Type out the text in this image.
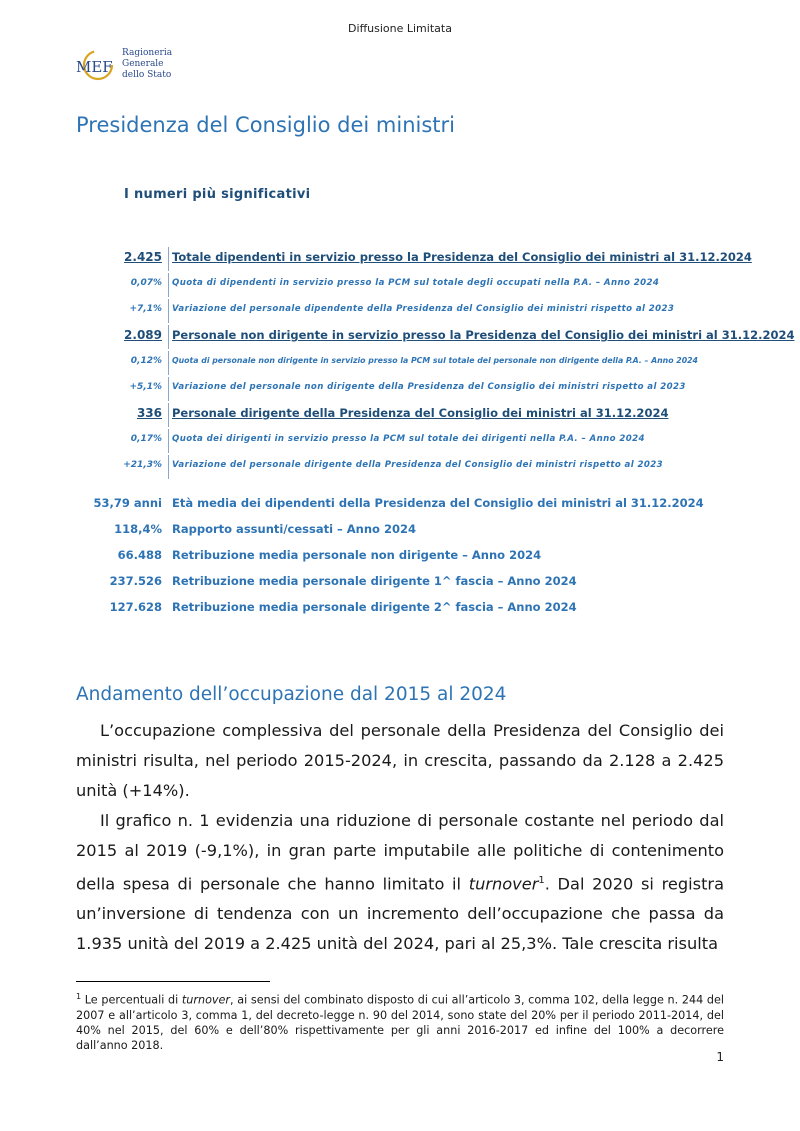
Diffusione Limitata
MEF
Ragioneria
Generale
dello Stato
Presidenza del Consiglio dei ministri
I numeri più significativi
2.425 Totale dipendenti in servizio presso la Presidenza del Consiglio dei ministri al 31.12.2024
0,07% Quota di dipendenti in servizio presso la PCM sul totale degli occupati nella P.A. – Anno 2024
+7,1% Variazione del personale dipendente della Presidenza del Consiglio dei ministri rispetto al 2023
2.089 Personale non dirigente in servizio presso la Presidenza del Consiglio dei ministri al 31.12.2024
0,12% Quota di personale non dirigente in servizio presso la PCM sul totale del personale non dirigente della P.A. – Anno 2024
+5,1% Variazione del personale non dirigente della Presidenza del Consiglio dei ministri rispetto al 2023
336 Personale dirigente della Presidenza del Consiglio dei ministri al 31.12.2024
0,17% Quota dei dirigenti in servizio presso la PCM sul totale dei dirigenti nella P.A. – Anno 2024
+21,3% Variazione del personale dirigente della Presidenza del Consiglio dei ministri rispetto al 2023
53,79 anni Età media dei dipendenti della Presidenza del Consiglio dei ministri al 31.12.2024
118,4% Rapporto assunti/cessati – Anno 2024
66.488 Retribuzione media personale non dirigente – Anno 2024
237.526 Retribuzione media personale dirigente 1^ fascia – Anno 2024
127.628 Retribuzione media personale dirigente 2^ fascia – Anno 2024
Andamento dell’occupazione dal 2015 al 2024

L’occupazione complessiva del personale della Presidenza del Consiglio dei ministri risulta, nel periodo 2015-2024, in crescita, passando da 2.128 a 2.425 unità (+14%).

Il grafico n. 1 evidenzia una riduzione di personale costante nel periodo dal 2015 al 2019 (-9,1%), in gran parte imputabile alle politiche di contenimento della spesa di personale che hanno limitato il turnover$^1$. Dal 2020 si registra un’inversione di tendenza con un incremento dell’occupazione che passa da 1.935 unità del 2019 a 2.425 unità del 2024, pari al 25,3%. Tale crescita risulta

$^1$ Le percentuali di turnover, ai sensi del combinato disposto di cui all’articolo 3, comma 102, della legge n. 244 del 2007 e all’articolo 3, comma 1, del decreto-legge n. 90 del 2014, sono state del 20% per il periodo 2011-2014, del 40% nel 2015, del 60% e dell’80% rispettivamente per gli anni 2016-2017 ed infine del 100% a decorrere dall’anno 2018.
1
